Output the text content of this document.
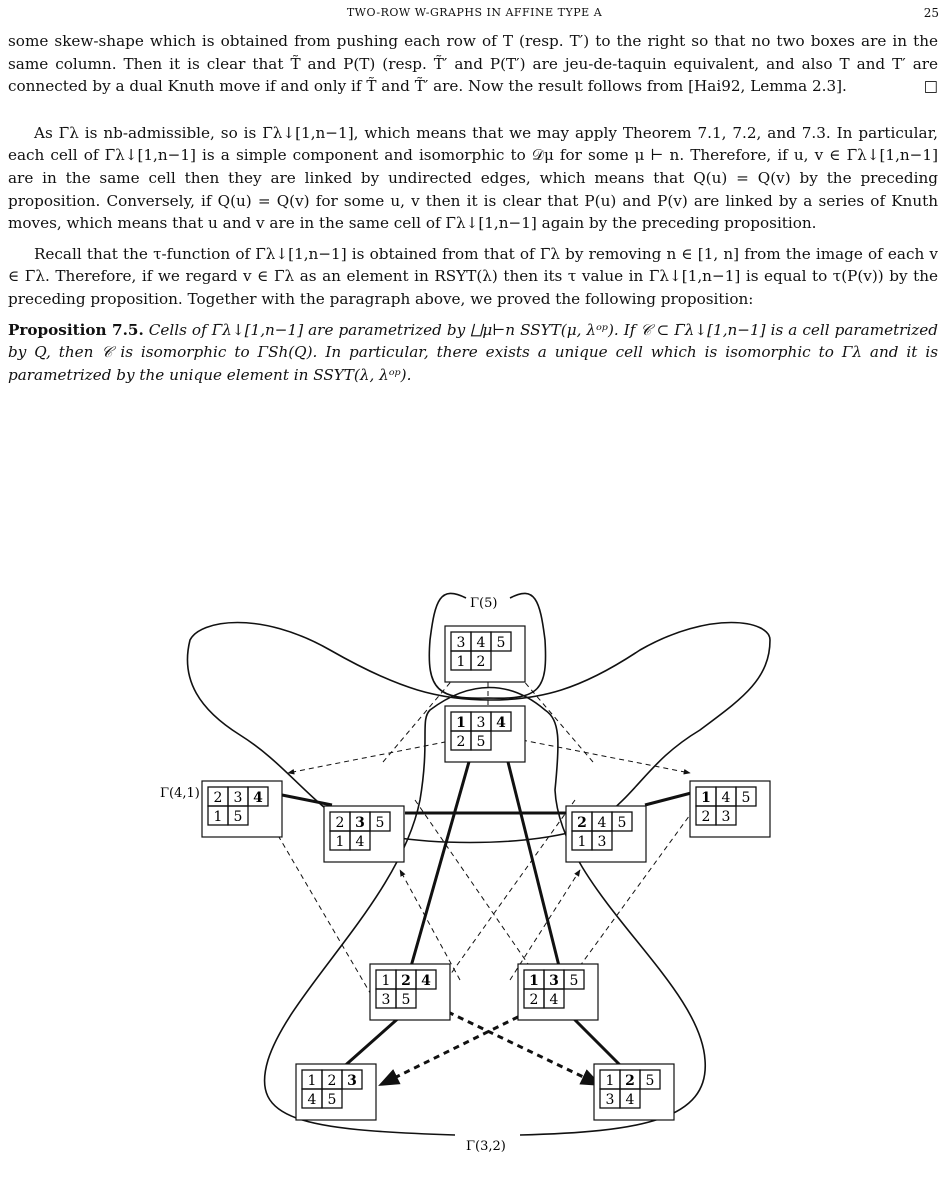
TWO-ROW W-GRAPHS IN AFFINE TYPE A	25

some skew-shape which is obtained from pushing each row of T (resp. T′) to the right so that no two boxes are in the same column. Then it is clear that T̃ and P(T) (resp. T̃′ and P(T′) are jeu-de-taquin equivalent, and also T and T′ are connected by a dual Knuth move if and only if T̃ and T̃′ are. Now the result follows from [Hai92, Lemma 2.3].	□

As Γ̄λ is nb-admissible, so is Γ̄λ↓[1,n−1], which means that we may apply Theorem 7.1, 7.2, and 7.3. In particular, each cell of Γ̄λ↓[1,n−1] is a simple component and isomorphic to 𝒟μ for some μ ⊢ n. Therefore, if u, v ∈ Γ̄λ↓[1,n−1] are in the same cell then they are linked by undirected edges, which means that Q(u) = Q(v) by the preceding proposition. Conversely, if Q(u) = Q(v) for some u, v then it is clear that P(u) and P(v) are linked by a series of Knuth moves, which means that u and v are in the same cell of Γ̄λ↓[1,n−1] again by the preceding proposition.

Recall that the τ-function of Γ̄λ↓[1,n−1] is obtained from that of Γ̄λ by removing n ∈ [1, n] from the image of each v ∈ Γ̄λ. Therefore, if we regard v ∈ Γ̄λ as an element in RSYT(λ) then its τ value in Γ̄λ↓[1,n−1] is equal to τ(P(v)) by the preceding proposition. Together with the paragraph above, we proved the following proposition:

Proposition 7.5. Cells of Γ̄λ↓[1,n−1] are parametrized by ⨆μ⊢n SSYT(μ, λᵒᵖ). If 𝒞 ⊂ Γ̄λ↓[1,n−1] is a cell parametrized by Q, then 𝒞 is isomorphic to ΓSh(Q). In particular, there exists a unique cell which is isomorphic to Γλ and it is parametrized by the unique element in SSYT(λ, λᵒᵖ).

Γ(5)
Γ(4,1)
Γ(3,2)
3 4 5
1 2
1 3 4
2 5
2 3 4
1 5
1 4 5
2 3
2 3 5
1 4
2 4 5
1 3
1 2 4
3 5
1 3 5
2 4
1 2 3
4 5
1 2 5
3 4
